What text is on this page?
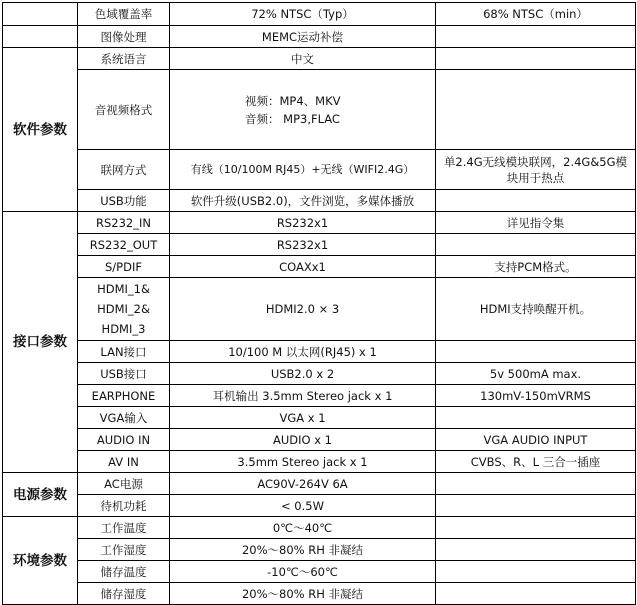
	色域覆盖率	72% NTSC（Typ）	68% NTSC（min）
	图像处理	MEMC运动补偿	
软件参数	系统语言	中文	
	音视频格式	视频：MP4、MKV
音频： MP3,FLAC	

	联网方式	有线（10/100M RJ45）+无线（WIFI2.4G）	单2.4G无线模块联网，2.4G&5G模块用于热点
	USB功能	软件升级(USB2.0)，文件浏览，多媒体播放	
接口参数	RS232_IN	RS232x1	详见指令集
	RS232_OUT	RS232x1	
	S/PDIF	COAXx1	支持PCM格式。
	HDMI_1&
HDMI_2&
HDMI_3	HDMI2.0 × 3	HDMI支持唤醒开机。
	LAN接口	10/100 M 以太网(RJ45) x 1	
	USB接口	USB2.0 x 2	5v 500mA max.
	EARPHONE	耳机输出 3.5mm Stereo jack x 1	130mV-150mVRMS
	VGA输入	VGA x 1	
	AUDIO IN	AUDIO x 1	VGA AUDIO INPUT
	AV IN	3.5mm Stereo jack x 1	CVBS、R、L 三合一插座
电源参数	AC电源	AC90V-264V 6A	
	待机功耗	< 0.5W	
环境参数	工作温度	0℃～40℃	
	工作湿度	20%～80% RH 非凝结	
	储存温度	-10℃～60℃	
	储存湿度	20%～80% RH 非凝结	
